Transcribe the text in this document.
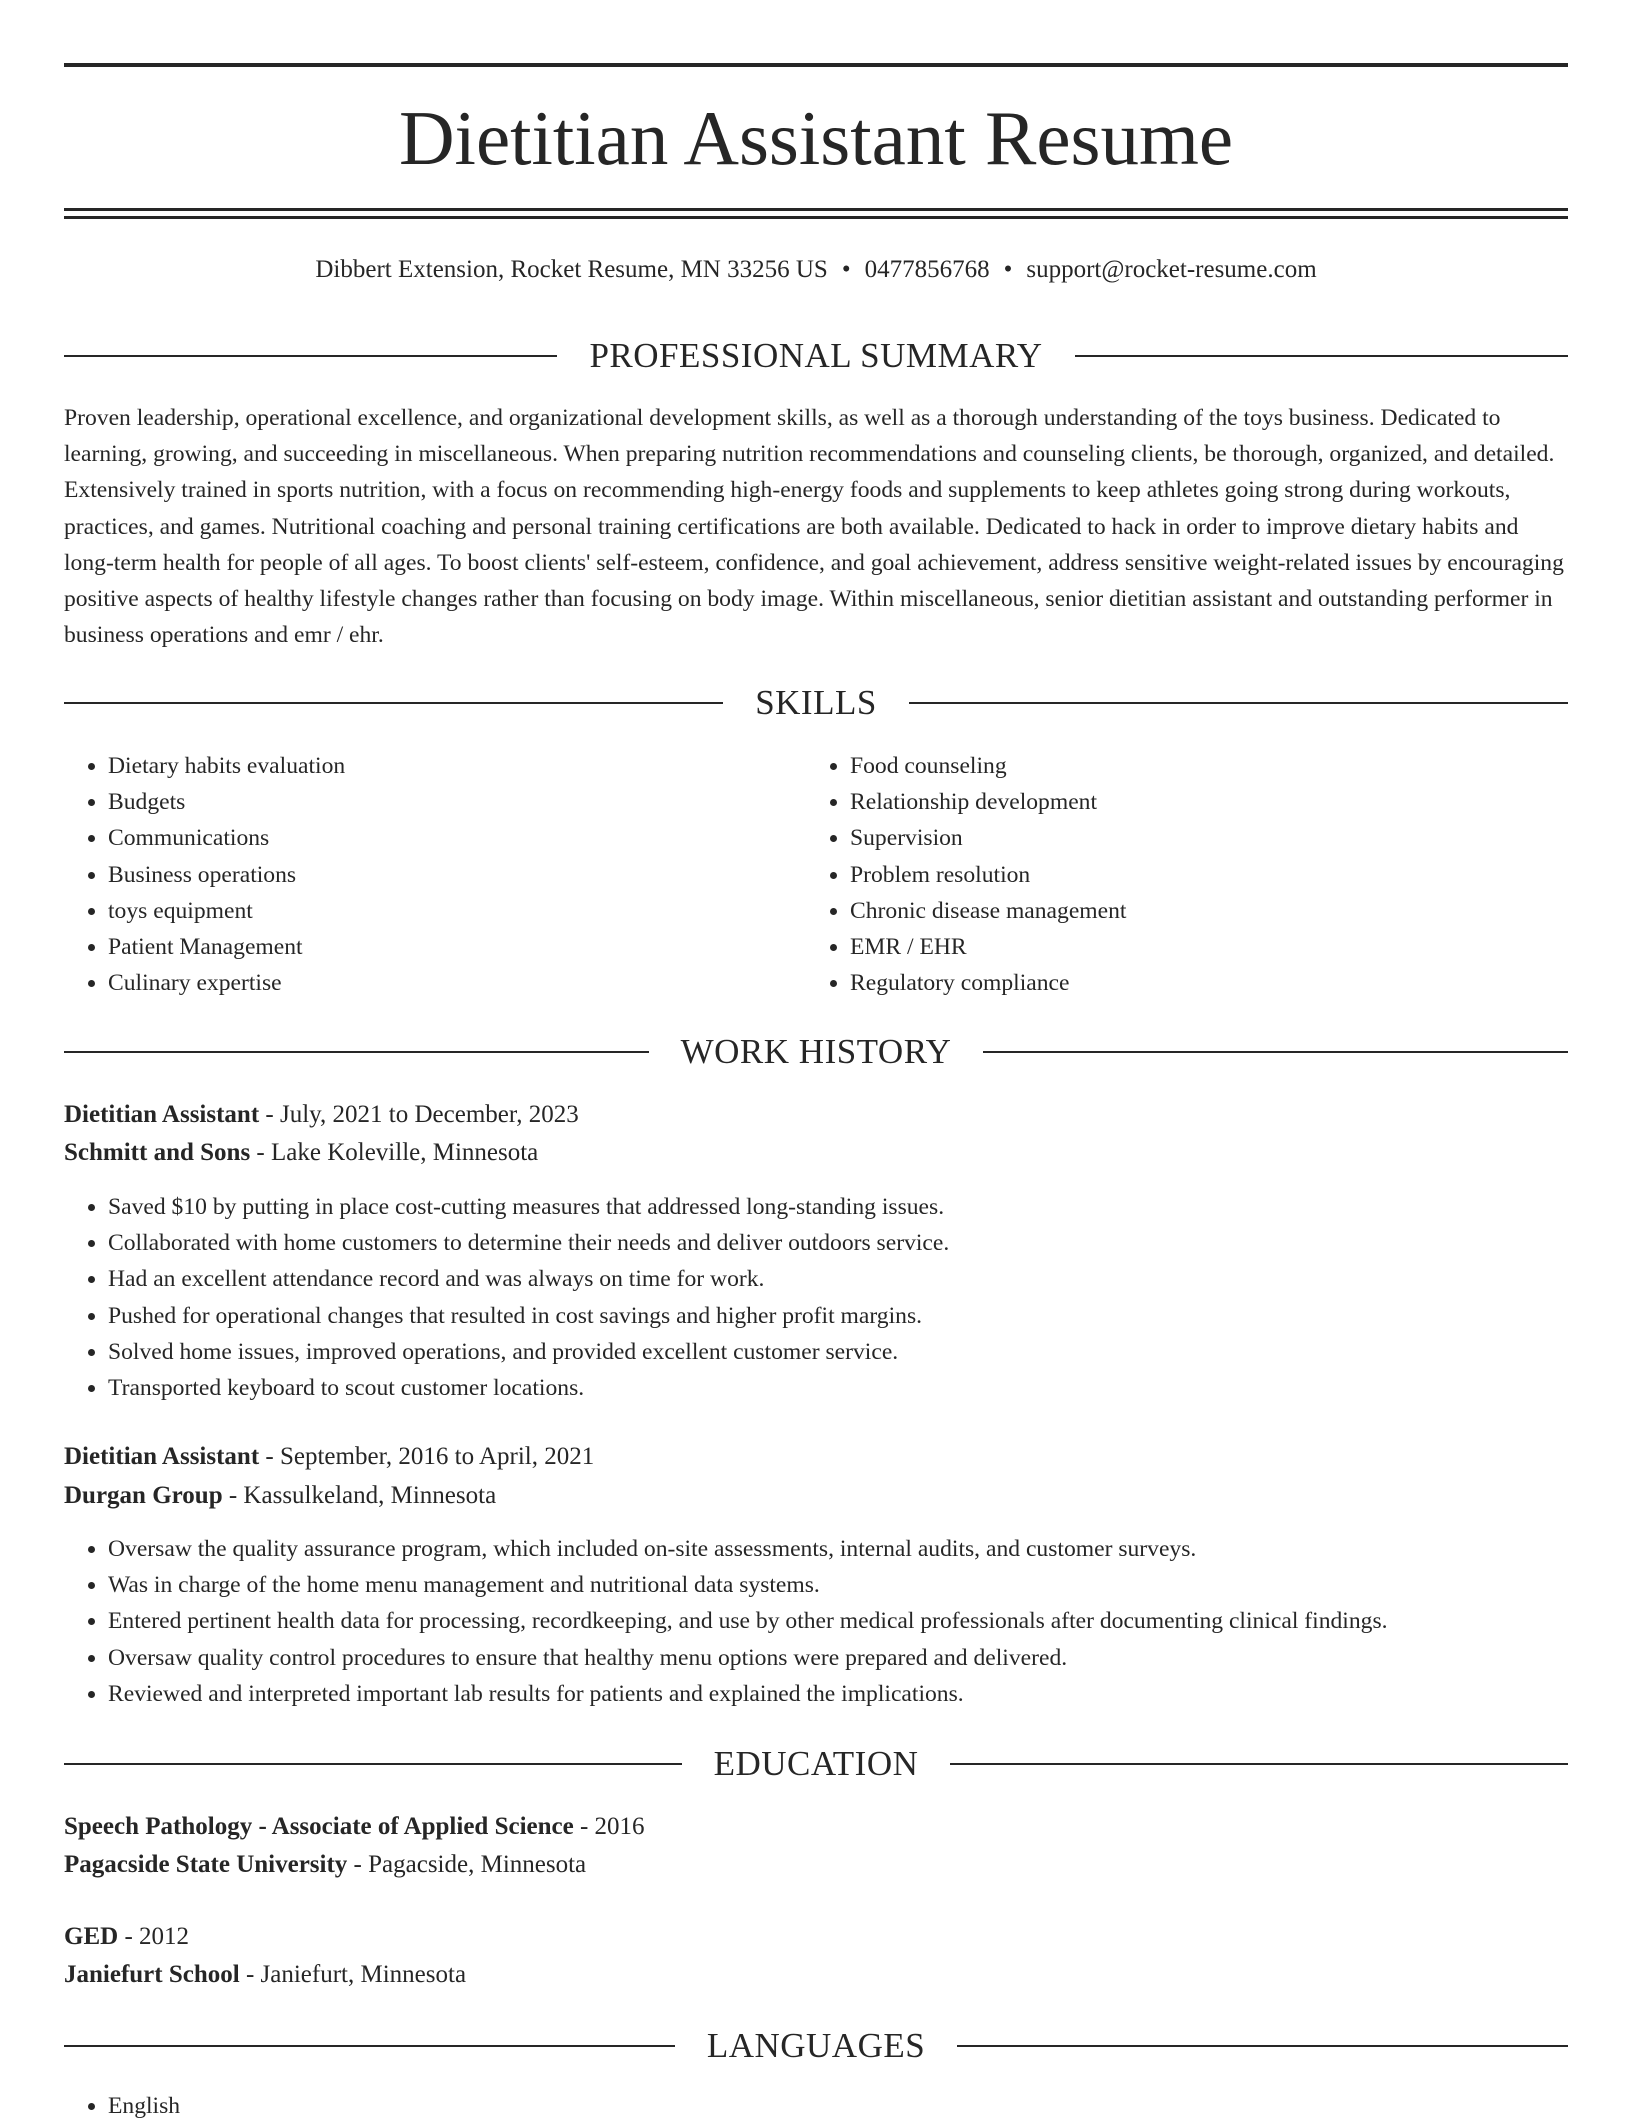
Dietitian Assistant Resume
Dibbert Extension, Rocket Resume, MN 33256 US • 0477856768 • support@rocket-resume.com
PROFESSIONAL SUMMARY

Proven leadership, operational excellence, and organizational development skills, as well as a thorough understanding of the toys business. Dedicated to learning, growing, and succeeding in miscellaneous. When preparing nutrition recommendations and counseling clients, be thorough, organized, and detailed. Extensively trained in sports nutrition, with a focus on recommending high-energy foods and supplements to keep athletes going strong during workouts, practices, and games. Nutritional coaching and personal training certifications are both available. Dedicated to hack in order to improve dietary habits and long-term health for people of all ages. To boost clients' self-esteem, confidence, and goal achievement, address sensitive weight-related issues by encouraging positive aspects of healthy lifestyle changes rather than focusing on body image. Within miscellaneous, senior dietitian assistant and outstanding performer in business operations and emr / ehr.

SKILLS
• Dietary habits evaluation
• Budgets
• Communications
• Business operations
• toys equipment
• Patient Management
• Culinary expertise
• Food counseling
• Relationship development
• Supervision
• Problem resolution
• Chronic disease management
• EMR / EHR
• Regulatory compliance
WORK HISTORY
Dietitian Assistant - July, 2021 to December, 2023
Schmitt and Sons - Lake Koleville, Minnesota
• Saved $10 by putting in place cost-cutting measures that addressed long-standing issues.
• Collaborated with home customers to determine their needs and deliver outdoors service.
• Had an excellent attendance record and was always on time for work.
• Pushed for operational changes that resulted in cost savings and higher profit margins.
• Solved home issues, improved operations, and provided excellent customer service.
• Transported keyboard to scout customer locations.
Dietitian Assistant - September, 2016 to April, 2021
Durgan Group - Kassulkeland, Minnesota
• Oversaw the quality assurance program, which included on-site assessments, internal audits, and customer surveys.
• Was in charge of the home menu management and nutritional data systems.
• Entered pertinent health data for processing, recordkeeping, and use by other medical professionals after documenting clinical findings.
• Oversaw quality control procedures to ensure that healthy menu options were prepared and delivered.
• Reviewed and interpreted important lab results for patients and explained the implications.
EDUCATION
Speech Pathology - Associate of Applied Science - 2016
Pagacside State University - Pagacside, Minnesota
GED - 2012
Janiefurt School - Janiefurt, Minnesota
LANGUAGES
• English
